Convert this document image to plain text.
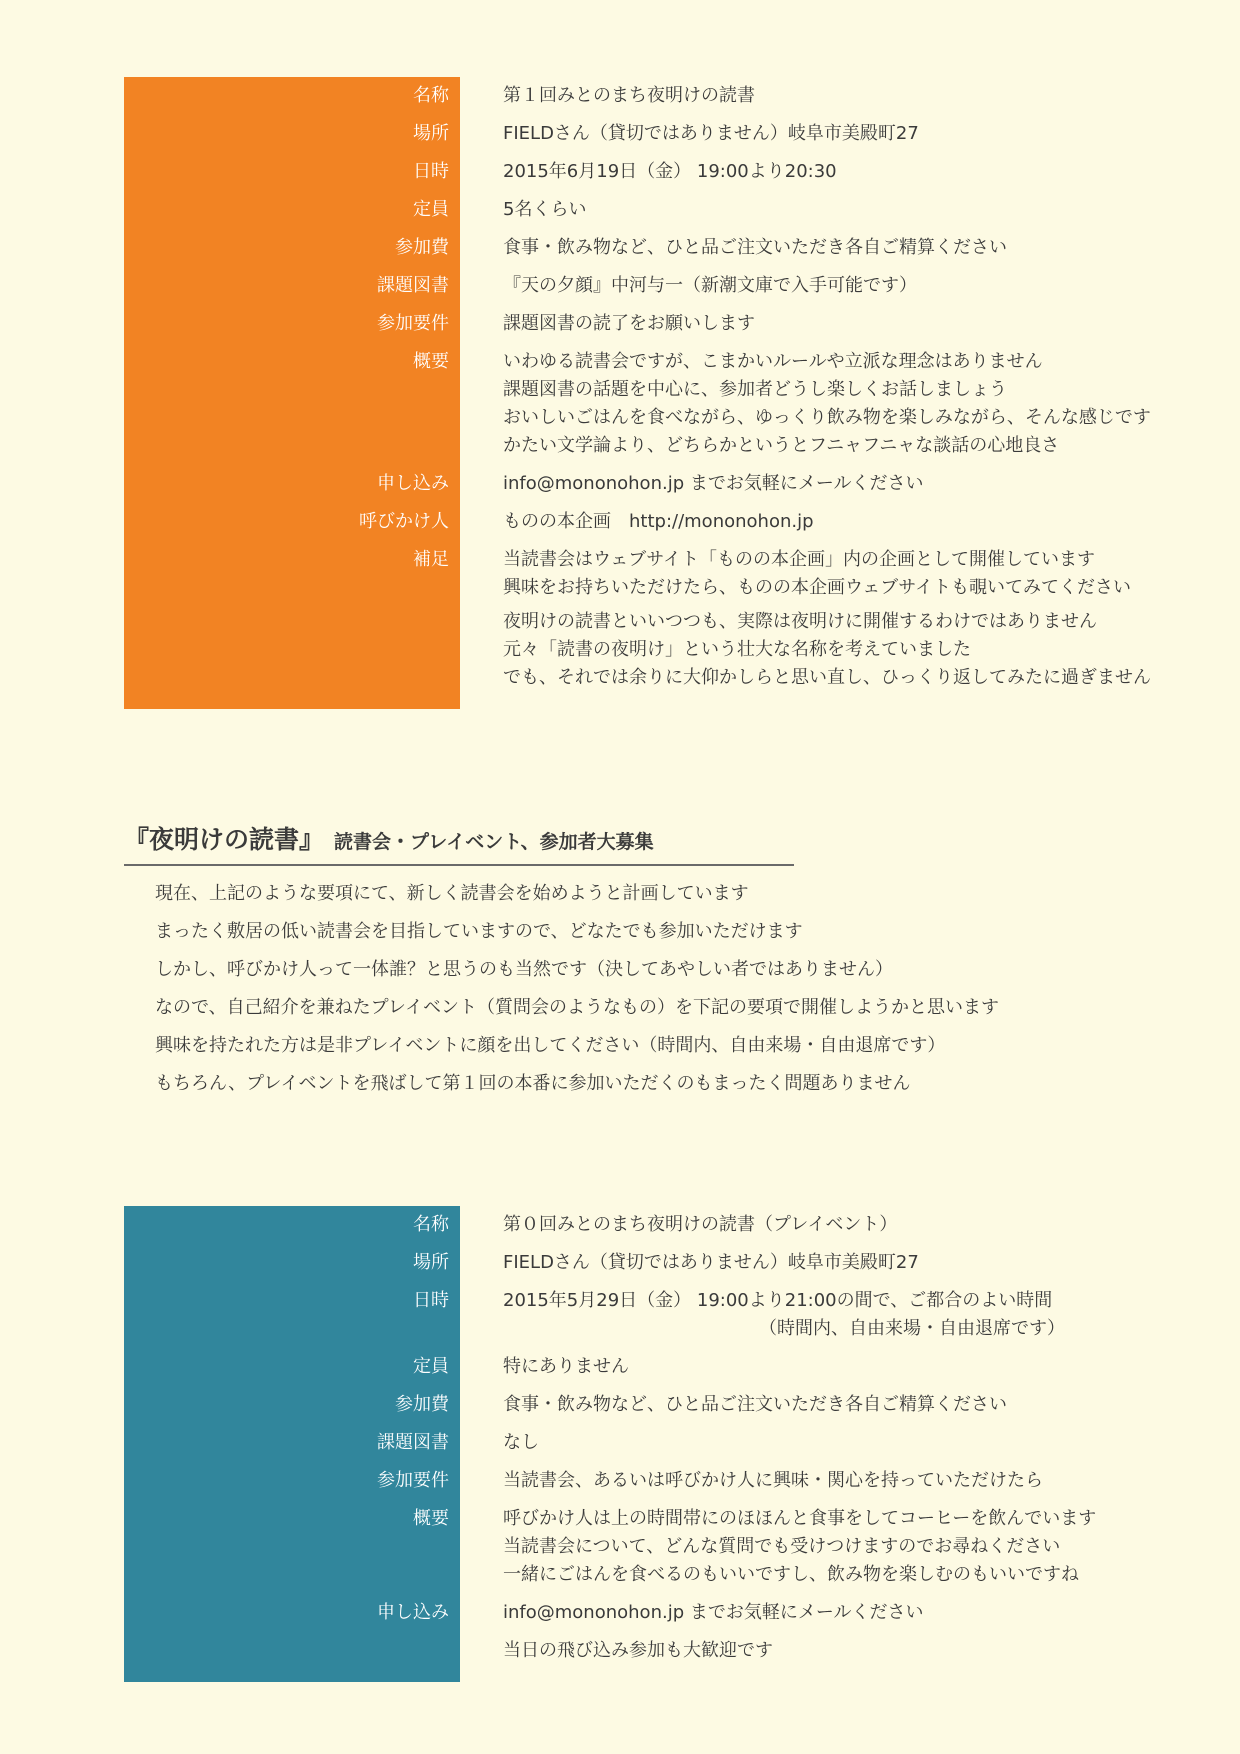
名称	第１回みとのまち夜明けの読書
場所	FIELDさん（貸切ではありません）岐阜市美殿町27
日時	2015年6月19日（金） 19:00より20:30
定員	5名くらい
参加費	食事・飲み物など、ひと品ご注文いただき各自ご精算ください
課題図書	『天の夕顔』中河与一（新潮文庫で入手可能です）
参加要件	課題図書の読了をお願いします
概要	いわゆる読書会ですが、こまかいルールや立派な理念はありません
課題図書の話題を中心に、参加者どうし楽しくお話しましょう
おいしいごはんを食べながら、ゆっくり飲み物を楽しみながら、そんな感じです
かたい文学論より、どちらかというとフニャフニャな談話の心地良さ
申し込み	info@mononohon.jp までお気軽にメールください
呼びかけ人	ものの本企画　http://mononohon.jp
補足	当読書会はウェブサイト「ものの本企画」内の企画として開催しています
興味をお持ちいただけたら、ものの本企画ウェブサイトも覗いてみてください
夜明けの読書といいつつも、実際は夜明けに開催するわけではありません
元々「読書の夜明け」という壮大な名称を考えていました
でも、それでは余りに大仰かしらと思い直し、ひっくり返してみたに過ぎません
『夜明けの読書』 読書会・プレイベント、参加者大募集
現在、上記のような要項にて、新しく読書会を始めようと計画しています
まったく敷居の低い読書会を目指していますので、どなたでも参加いただけます
しかし、呼びかけ人って一体誰？と思うのも当然です（決してあやしい者ではありません）
なので、自己紹介を兼ねたプレイベント（質問会のようなもの）を下記の要項で開催しようかと思います
興味を持たれた方は是非プレイベントに顔を出してください（時間内、自由来場・自由退席です）
もちろん、プレイベントを飛ばして第１回の本番に参加いただくのもまったく問題ありません
名称	第０回みとのまち夜明けの読書（プレイベント）
場所	FIELDさん（貸切ではありません）岐阜市美殿町27
日時	2015年5月29日（金） 19:00より21:00の間で、ご都合のよい時間
（時間内、自由来場・自由退席です）
定員	特にありません
参加費	食事・飲み物など、ひと品ご注文いただき各自ご精算ください
課題図書	なし
参加要件	当読書会、あるいは呼びかけ人に興味・関心を持っていただけたら
概要	呼びかけ人は上の時間帯にのほほんと食事をしてコーヒーを飲んでいます
当読書会について、どんな質問でも受けつけますのでお尋ねください
一緒にごはんを食べるのもいいですし、飲み物を楽しむのもいいですね
申し込み	info@mononohon.jp までお気軽にメールください
当日の飛び込み参加も大歓迎です
